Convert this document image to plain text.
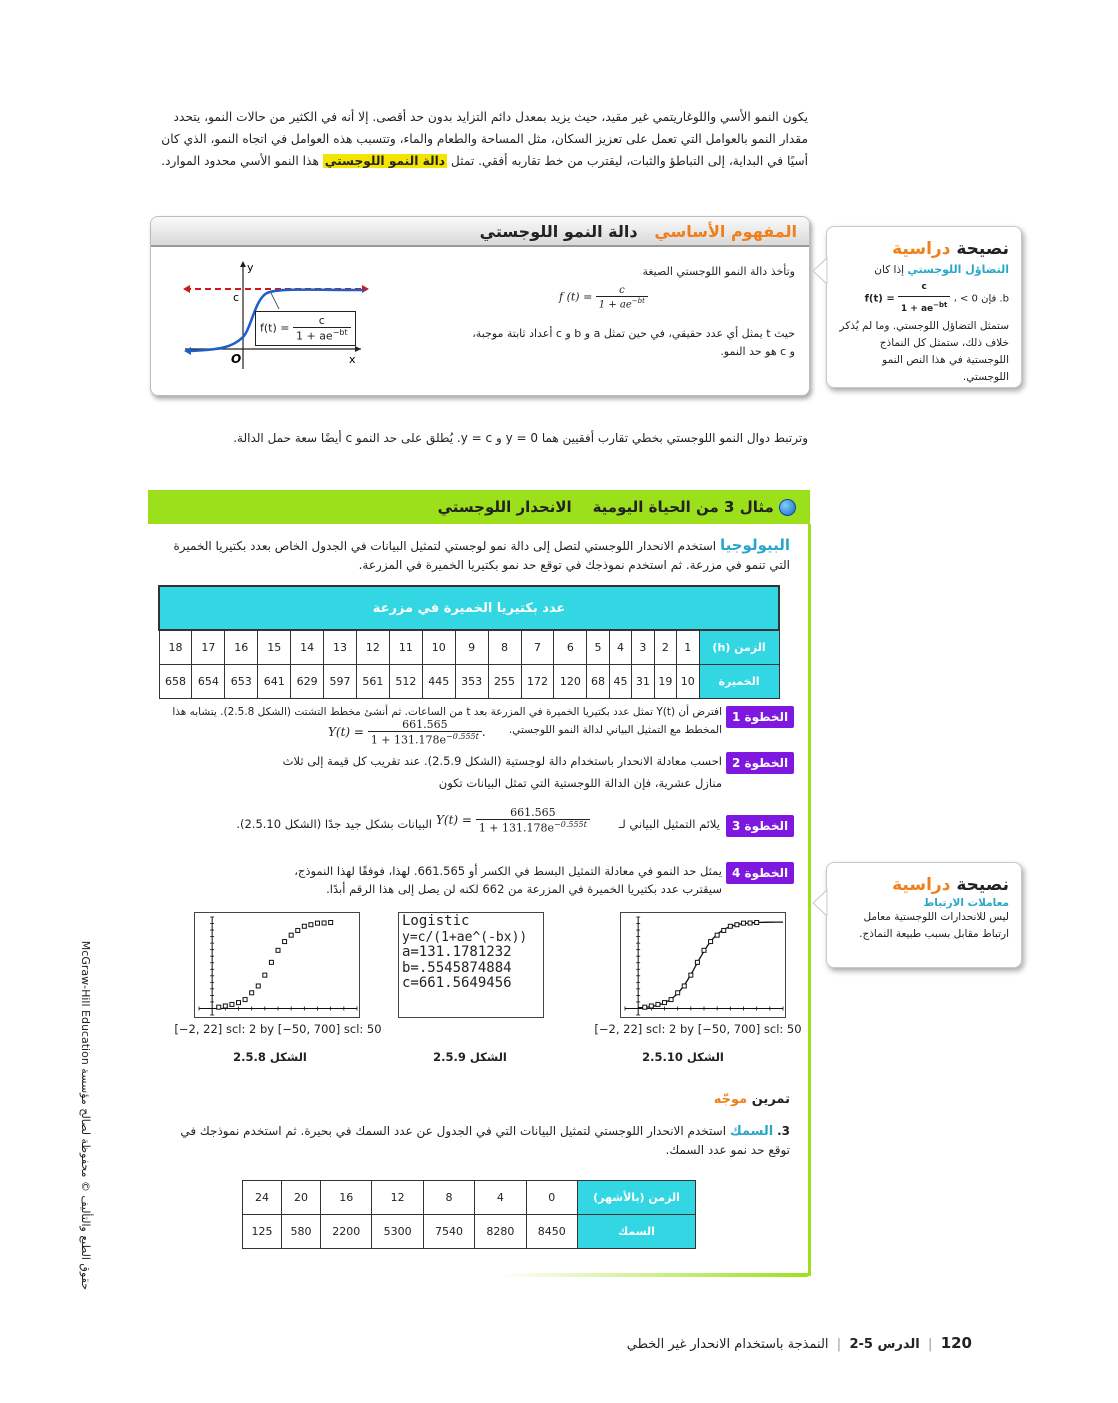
يكون النمو الأسي واللوغاريتمي غير مقيد، حيث يزيد بمعدل دائم التزايد بدون حد أقصى. إلا أنه في الكثير من حالات النمو، يتحدد مقدار النمو بالعوامل التي تعمل على تعزيز السكان، مثل المساحة والطعام والماء، وتتسبب هذه العوامل في اتجاه النمو، الذي كان أسيًا في البداية، إلى التباطؤ والثبات، ليقترب من خط تقاربه أفقي. تمثل دالة النمو اللوجستي هذا النمو الأسي محدود الموارد.
المفهوم الأساسي   دالة النمو اللوجستي
y
x
O
c
$f(t) = \frac{c}{1 + ae^{-bt}}$
وتأخذ دالة النمو اللوجستي الصيغة
f $(t) = \frac{c}{1 + ae^{-bt}}$
حيث t يمثل أي عدد حقيقي، في حين تمثل a و b و c أعداد ثابتة موجبة،
و c هو حد النمو.
نصيحة دراسية
التضاؤل اللوجستي إذا كان
$f(t) = \frac{c}{1 + ae^{-bt}} b$. فإن 0 > ،
ستمثل التضاؤل اللوجستي. وما لم يُذكر خلاف ذلك، ستمثل كل النماذج اللوجستية في هذا النص النمو اللوجستي.
وترتبط دوال النمو اللوجستي بخطي تقارب أفقيين هما y = 0 و y = c. يُطلق على حد النمو c أيضًا سعة حمل الدالة.
مثال 3 من الحياة اليومية    الانحدار اللوجستي
البيولوجيا استخدم الانحدار اللوجستي لتصل إلى دالة نمو لوجستي لتمثيل البيانات في الجدول الخاص بعدد بكتيريا الخميرة التي تنمو في مزرعة. ثم استخدم نموذجك في توقع حد نمو بكتيريا الخميرة في المزرعة.
عدد بكتيريا الخميرة في مزرعة																		
الزمن (h)	1	2	3	4	5	6	7	8	9	10	11	12	13	14	15	16	17	18
الخميرة	10	19	31	45	68	120	172	255	353	445	512	561	597	629	641	653	654	658
الخطوة 1
افترض أن Y(t) تمثل عدد بكتيريا الخميرة في المزرعة بعد t من الساعات. ثم أنشئ مخطط التشتت (الشكل 2.5.8). يتشابه هذا
المخطط مع التمثيل البياني لدالة النمو اللوجستي.
$Y(t) = \frac{661.565}{1 + 131.178e^{-0.555t}}$ .
الخطوة 2
احسب معادلة الانحدار باستخدام دالة لوجستية (الشكل 2.5.9). عند تقريب كل قيمة إلى ثلاث
منازل عشرية، فإن الدالة اللوجستية التي تمثل البيانات تكون
الخطوة 3
يلائم التمثيل البياني لـ
$Y(t) = \frac{661.565}{1 + 131.178e^{-0.555t}}$
البيانات بشكل جيد جدًا (الشكل 2.5.10).
الخطوة 4
يمثل حد النمو في معادلة التمثيل البسط في الكسر أو 661.565. لهذا، فوفقًا لهذا النموذج،
سيقترب عدد بكتيريا الخميرة في المزرعة من 662 لكنه لن يصل إلى هذا الرقم أبدًا.	نصيحة دراسية
معاملات الارتباط
ليس للانحدارات اللوجستية معامل ارتباط مقابل بسبب طبيعة النماذج.
[−2, 22] scl: 2 by [−50, 700] scl: 50
الشكل 2.5.8
Logistic
y=c/(1+ae^(-bx))
a=131.1781232
b=.5545874884
c=661.5649456
الشكل 2.5.9
[−2, 22] scl: 2 by [−50, 700] scl: 50
الشكل 2.5.10
تمرين موجّه
3. السمك استخدم الانحدار اللوجستي لتمثيل البيانات التي في الجدول عن عدد السمك في بحيرة. ثم استخدم نموذجك في توقع حد نمو عدد السمك.
الزمن (بالأشهر)	0	4	8	12	16	20	24
السمك	8450	8280	7540	5300	2200	580	125
120  |  الدرس 5-2  |  النمذجة باستخدام الانحدار غير الخطي
حقوق الطبع والتأليف © محفوظة لصالح مؤسسة McGraw-Hill Education
